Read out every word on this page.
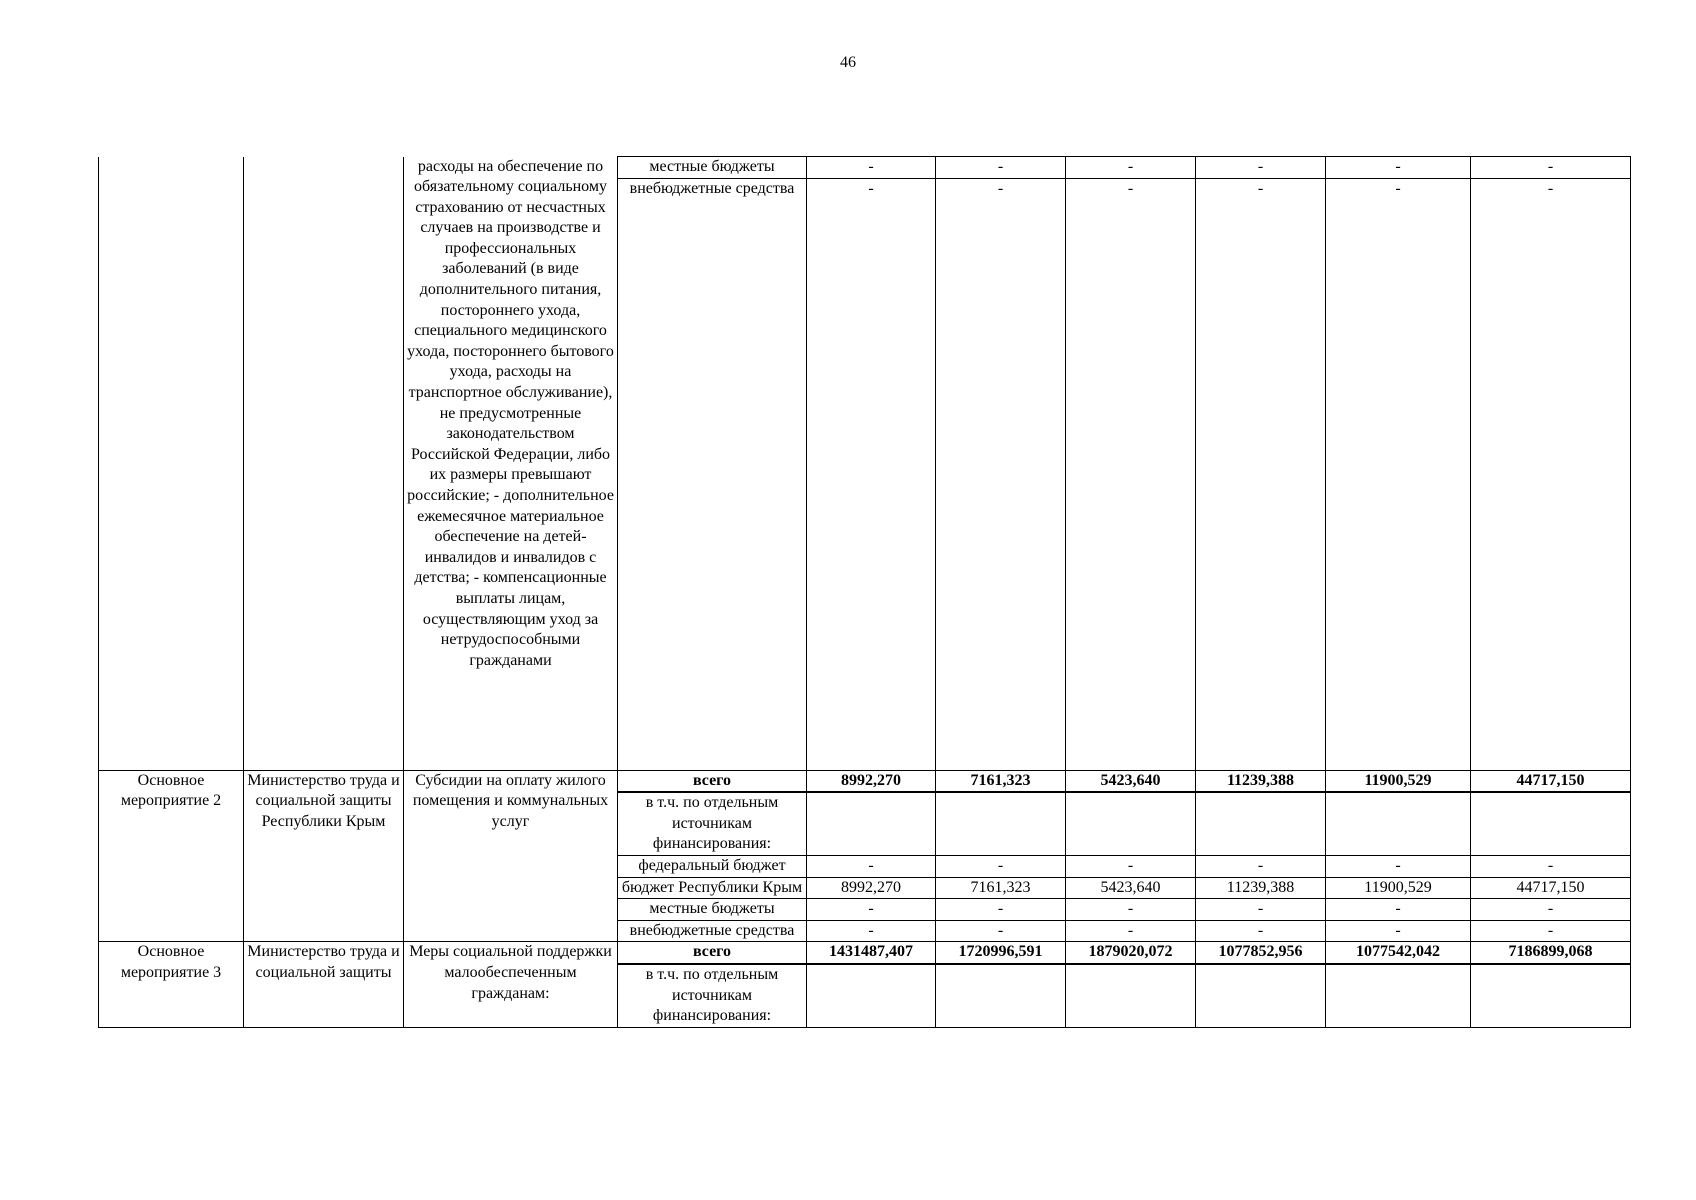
46
		расходы на обеспечение по обязательному социальному страхованию от несчастных случаев на производстве и профессиональных заболеваний (в виде дополнительного питания, постороннего ухода, специального медицинского ухода, постороннего бытового ухода, расходы на транспортное обслуживание), не предусмотренные законодательством Российской Федерации, либо их размеры превышают российские; - дополнительное ежемесячное материальное обеспечение на детей-инвалидов и инвалидов с детства; - компенсационные выплаты лицам, осуществляющим уход за нетрудоспособными гражданами	местные бюджеты	-	-	-	-	-	-
			внебюджетные средства	-	-	-	-	-	-
Основное мероприятие 2	Министерство труда и социальной защиты Республики Крым	Субсидии на оплату жилого помещения и коммунальных услуг	всего	8992,270	7161,323	5423,640	11239,388	11900,529	44717,150
			в т.ч. по отдельным источникам финансирования:						
			федеральный бюджет	-	-	-	-	-	-
			бюджет Республики Крым	8992,270	7161,323	5423,640	11239,388	11900,529	44717,150
			местные бюджеты	-	-	-	-	-	-
			внебюджетные средства	-	-	-	-	-	-

Основное мероприятие 3	Министерство труда и социальной защиты	Меры социальной поддержки малообеспеченным гражданам:	всего	1431487,407	1720996,591	1879020,072	1077852,956	1077542,042	7186899,068
			в т.ч. по отдельным источникам финансирования:						
